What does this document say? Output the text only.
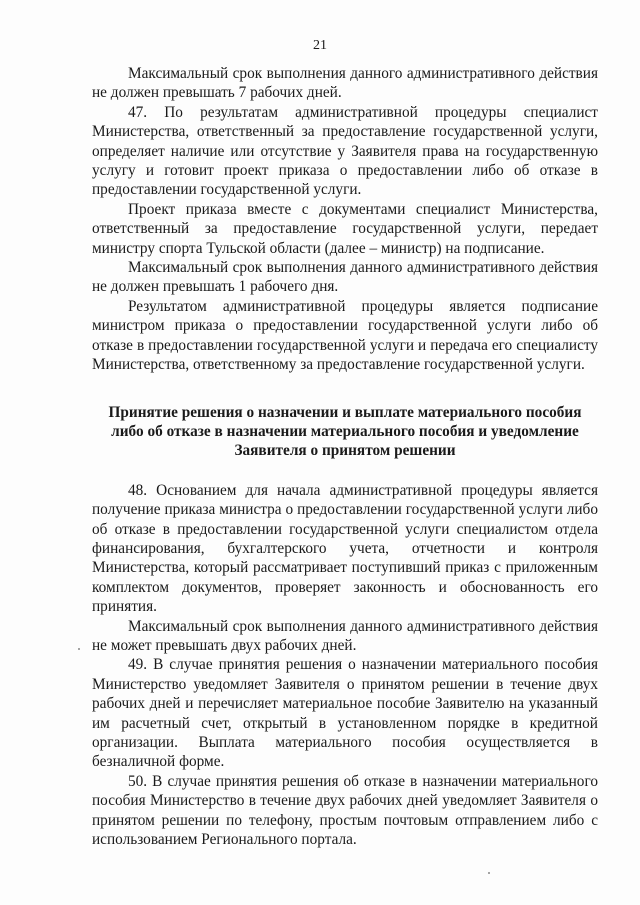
21

Максимальный срок выполнения данного административного действия не должен превышать 7 рабочих дней.

47. По результатам административной процедуры специалист Министерства, ответственный за предоставление государственной услуги, определяет наличие или отсутствие у Заявителя права на государственную услугу и готовит проект приказа о предоставлении либо об отказе в предоставлении государственной услуги.

Проект приказа вместе с документами специалист Министерства, ответственный за предоставление государственной услуги, передает министру спорта Тульской области (далее – министр) на подписание.

Максимальный срок выполнения данного административного действия не должен превышать 1 рабочего дня.

Результатом административной процедуры является подписание министром приказа о предоставлении государственной услуги либо об отказе в предоставлении государственной услуги и передача его специалисту Министерства, ответственному за предоставление государственной услуги.

Принятие решения о назначении и выплате материального пособия
либо об отказе в назначении материального пособия и уведомление
Заявителя о принятом решении

48. Основанием для начала административной процедуры является получение приказа министра о предоставлении государственной услуги либо об отказе в предоставлении государственной услуги специалистом отдела финансирования, бухгалтерского учета, отчетности и контроля Министерства, который рассматривает поступивший приказ с приложенным комплектом документов, проверяет законность и обоснованность его принятия.

Максимальный срок выполнения данного административного действия не может превышать двух рабочих дней.

49. В случае принятия решения о назначении материального пособия Министерство уведомляет Заявителя о принятом решении в течение двух рабочих дней и перечисляет материальное пособие Заявителю на указанный им расчетный счет, открытый в установленном порядке в кредитной организации. Выплата материального пособия осуществляется в безналичной форме.

50. В случае принятия решения об отказе в назначении материального пособия Министерство в течение двух рабочих дней уведомляет Заявителя о принятом решении по телефону, простым почтовым отправлением либо с использованием Регионального портала.
